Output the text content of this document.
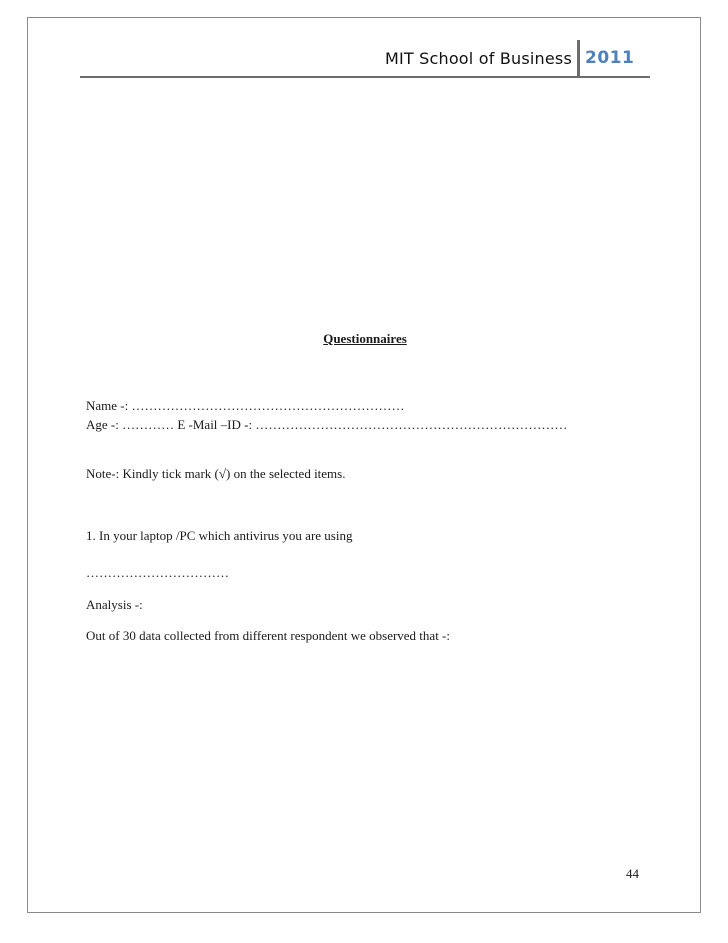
MIT School of Business 2011
Questionnaires
Name -: ………………………………………………………
Age -: ………… E -Mail –ID -: ………………………………………………………………
Note-: Kindly tick mark (√) on the selected items.
1. In your laptop /PC which antivirus you are using
……………………………
Analysis -:
Out of 30 data collected from different respondent we observed that -:
44
